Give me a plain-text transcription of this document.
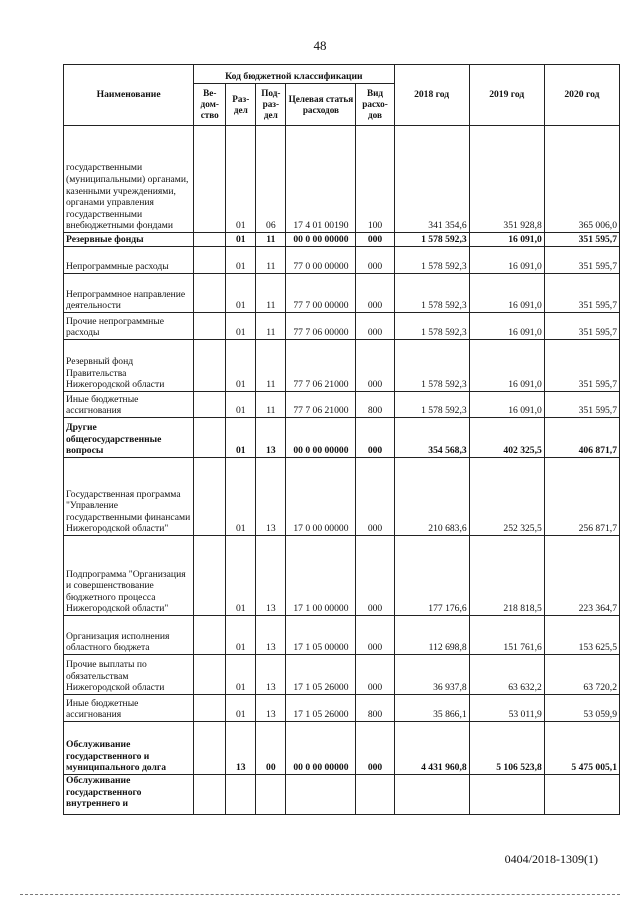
48
Наименование	Код бюджетной классификации					2018 год	2019 год	2020 год
	Ве-дом-ство	Раз-дел	Под-раз-дел	Целевая статья расходов	Вид расхо-дов			
государственными (муниципальными) органами, казенными учреждениями, органами управления государственными внебюджетными фондами		01	06	17 4 01 00190	100	341 354,6	351 928,8	365 006,0
Резервные фонды		01	11	00 0 00 00000	000	1 578 592,3	16 091,0	351 595,7
Непрограммные расходы		01	11	77 0 00 00000	000	1 578 592,3	16 091,0	351 595,7
Непрограммное направление деятельности		01	11	77 7 00 00000	000	1 578 592,3	16 091,0	351 595,7
Прочие непрограммные расходы		01	11	77 7 06 00000	000	1 578 592,3	16 091,0	351 595,7
Резервный фонд Правительства Нижегородской области		01	11	77 7 06 21000	000	1 578 592,3	16 091,0	351 595,7
Иные бюджетные ассигнования		01	11	77 7 06 21000	800	1 578 592,3	16 091,0	351 595,7
Другие общегосударственные вопросы		01	13	00 0 00 00000	000	354 568,3	402 325,5	406 871,7
Государственная программа "Управление государственными финансами Нижегородской области"		01	13	17 0 00 00000	000	210 683,6	252 325,5	256 871,7
Подпрограмма "Организация и совершенствование бюджетного процесса Нижегородской области"		01	13	17 1 00 00000	000	177 176,6	218 818,5	223 364,7
Организация исполнения областного бюджета		01	13	17 1 05 00000	000	112 698,8	151 761,6	153 625,5
Прочие выплаты по обязательствам Нижегородской области		01	13	17 1 05 26000	000	36 937,8	63 632,2	63 720,2
Иные бюджетные ассигнования		01	13	17 1 05 26000	800	35 866,1	53 011,9	53 059,9
Обслуживание государственного и муниципального долга		13	00	00 0 00 00000	000	4 431 960,8	5 106 523,8	5 475 005,1
Обслуживание государственного внутреннего и								
0404/2018-1309(1)
